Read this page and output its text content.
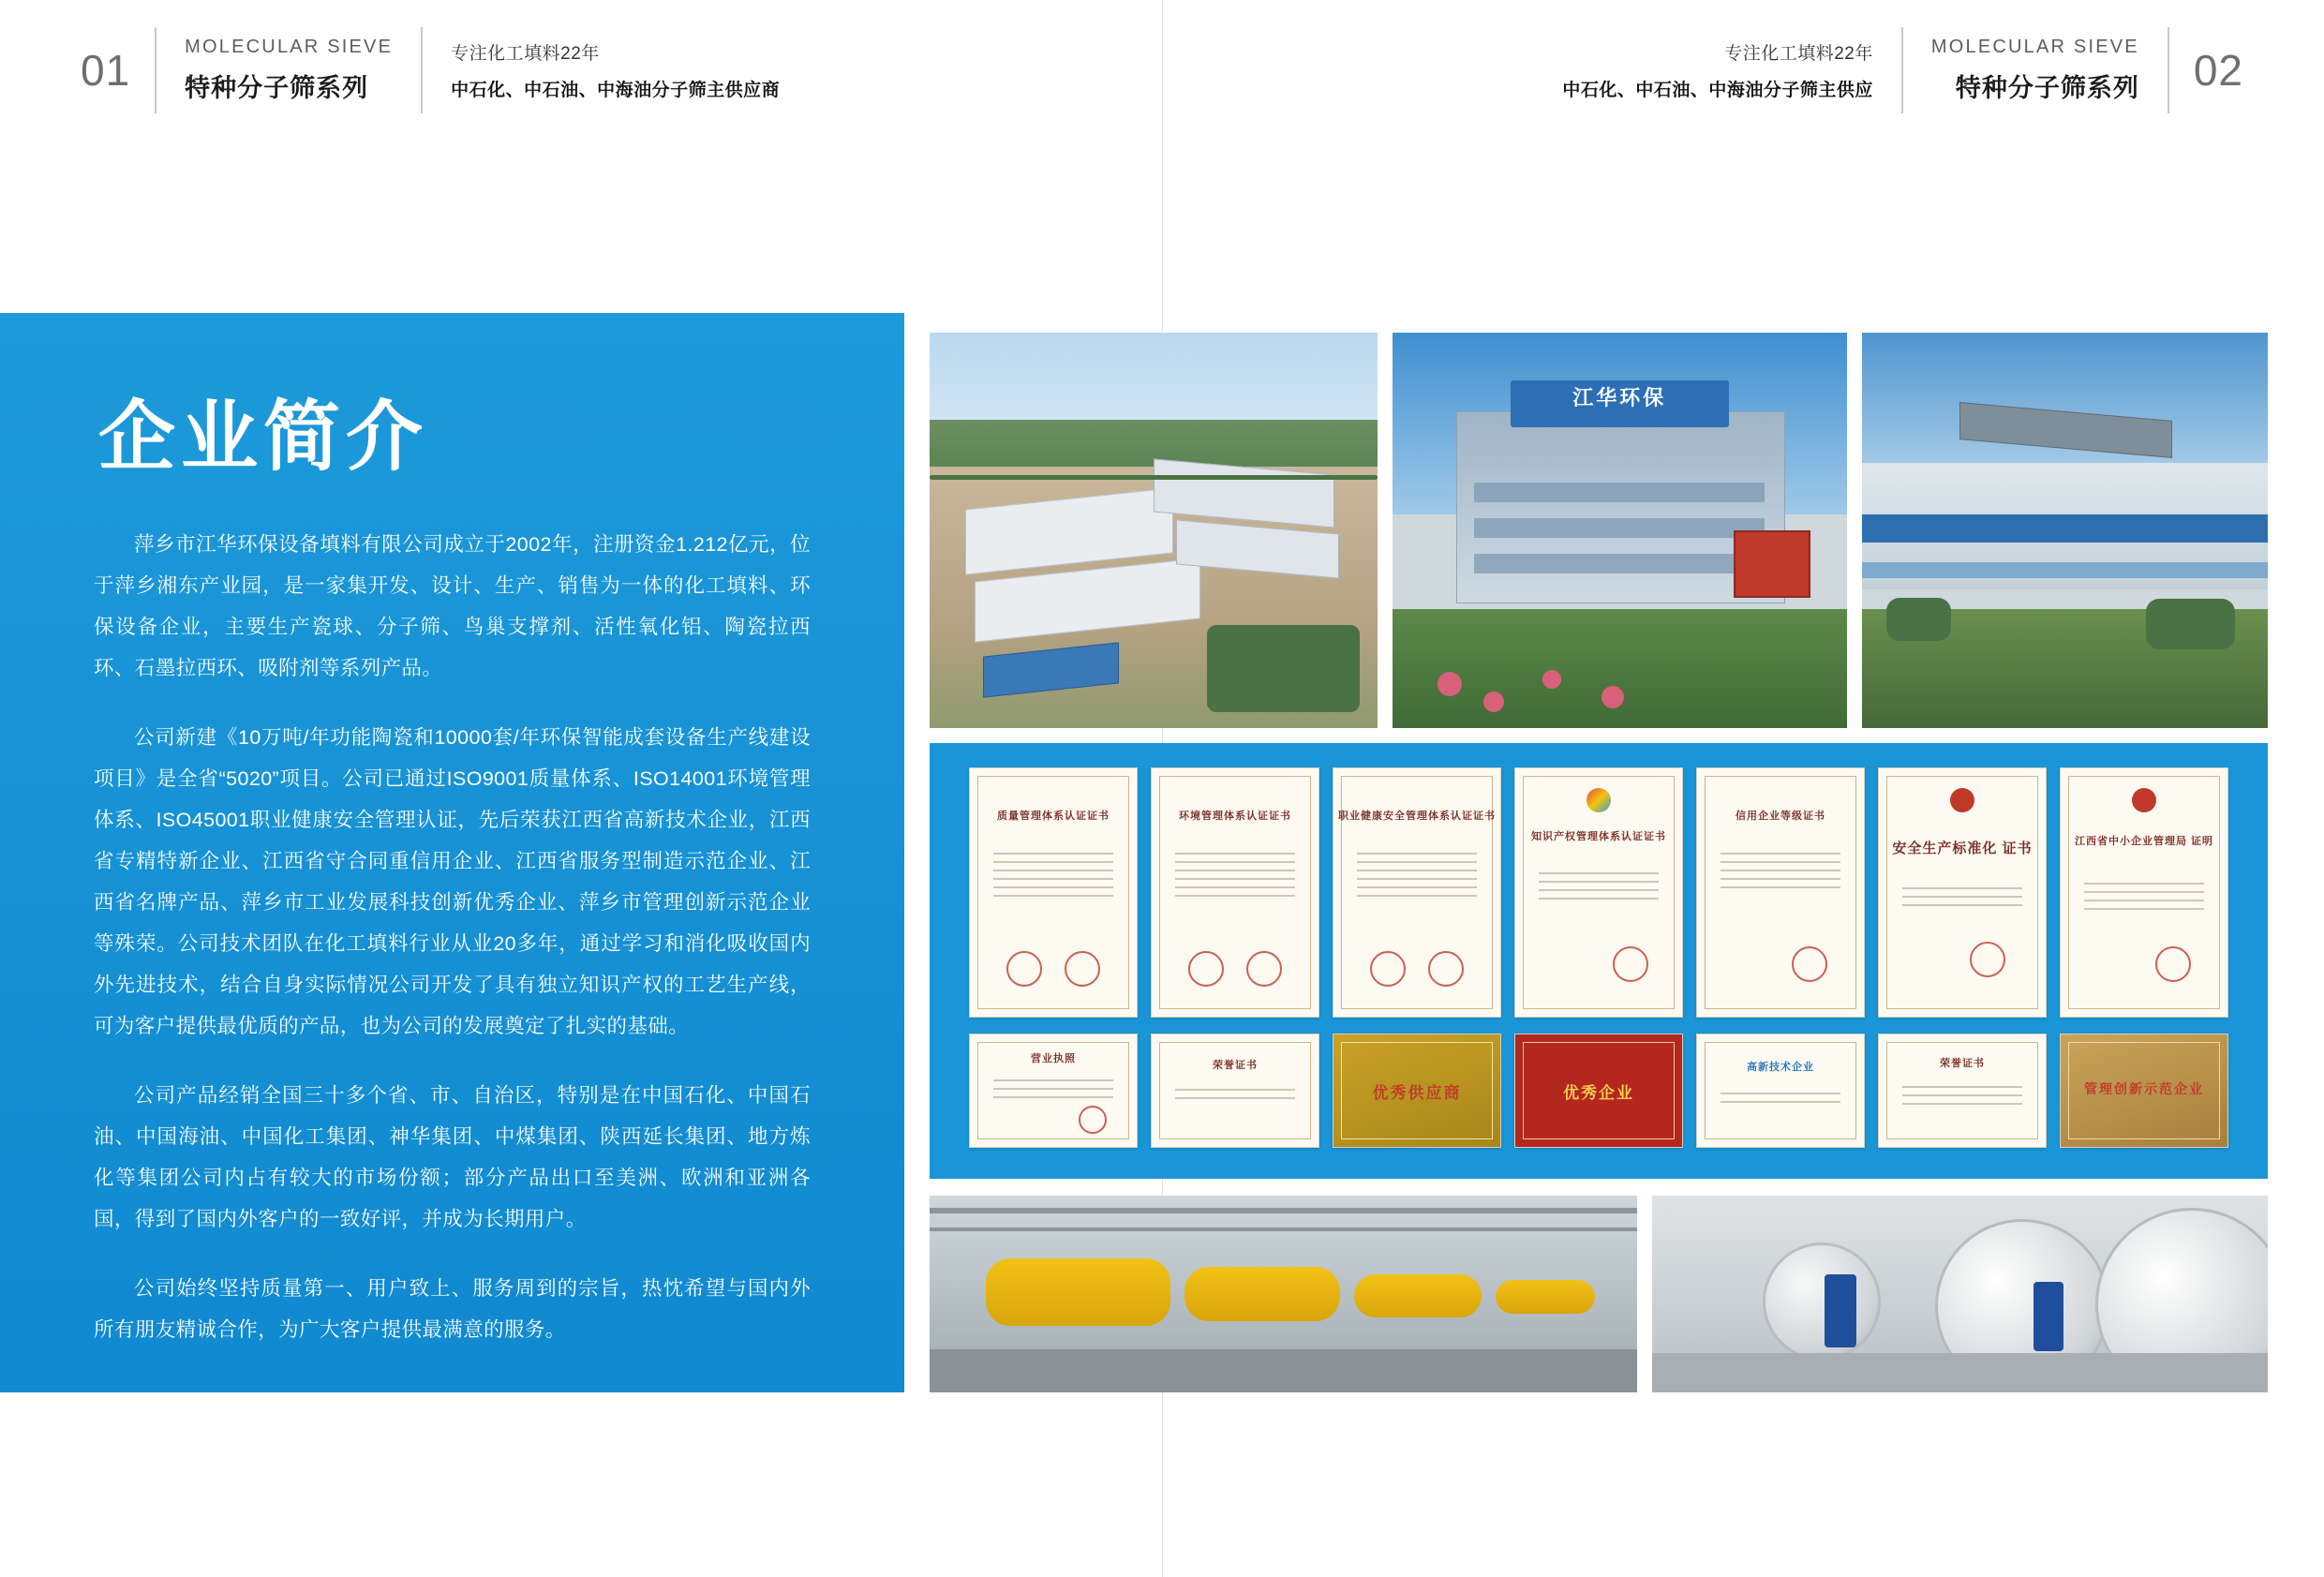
01	MOLECULAR SIEVE
特种分子筛系列
专注化工填料22年
中石化、中石油、中海油分子筛主供应商
专注化工填料22年
中石化、中石油、中海油分子筛主供应
MOLECULAR SIEVE
特种分子筛系列	02
企业简介

萍乡市江华环保设备填料有限公司成立于2002年，注册资金1.212亿元，位于萍乡湘东产业园，是一家集开发、设计、生产、销售为一体的化工填料、环保设备企业，主要生产瓷球、分子筛、鸟巢支撑剂、活性氧化铝、陶瓷拉西环、石墨拉西环、吸附剂等系列产品。

公司新建《10万吨/年功能陶瓷和10000套/年环保智能成套设备生产线建设项目》是全省“5020”项目。公司已通过ISO9001质量体系、ISO14001环境管理体系、ISO45001职业健康安全管理认证，先后荣获江西省高新技术企业，江西省专精特新企业、江西省守合同重信用企业、江西省服务型制造示范企业、江西省名牌产品、萍乡市工业发展科技创新优秀企业、萍乡市管理创新示范企业等殊荣。公司技术团队在化工填料行业从业20多年，通过学习和消化吸收国内外先进技术，结合自身实际情况公司开发了具有独立知识产权的工艺生产线，可为客户提供最优质的产品，也为公司的发展奠定了扎实的基础。

公司产品经销全国三十多个省、市、自治区，特别是在中国石化、中国石油、中国海油、中国化工集团、神华集团、中煤集团、陕西延长集团、地方炼化等集团公司内占有较大的市场份额；部分产品出口至美洲、欧洲和亚洲各国，得到了国内外客户的一致好评，并成为长期用户。

公司始终坚持质量第一、用户致上、服务周到的宗旨，热忱希望与国内外所有朋友精诚合作，为广大客户提供最满意的服务。

江华环保
质量管理体系认证证书	环境管理体系认证证书	职业健康安全管理体系认证证书
知识产权管理体系认证证书
信用企业等级证书
安全生产标准化 证书	江西省中小企业管理局 证明
营业执照
荣誉证书
优秀供应商	优秀企业
高新技术企业	荣誉证书
管理创新示范企业
